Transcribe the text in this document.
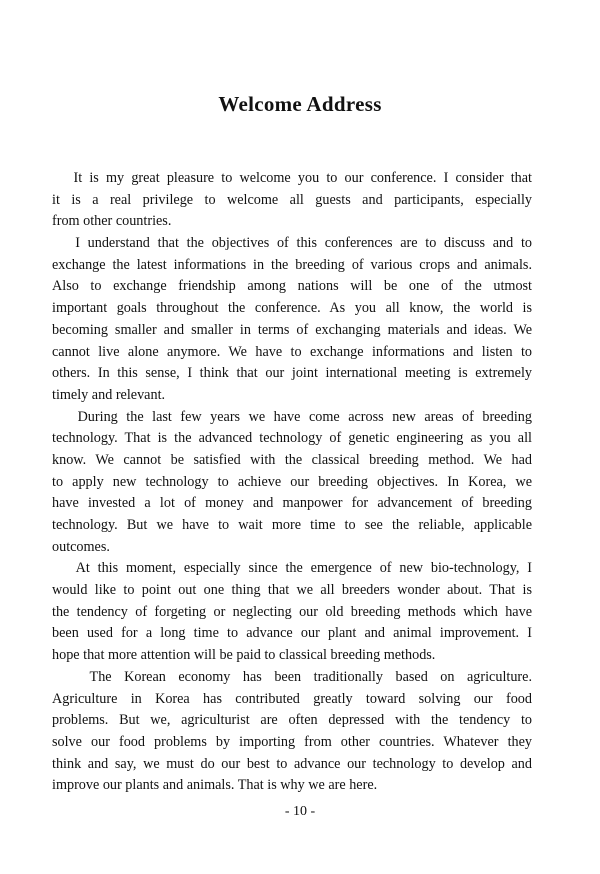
Welcome Address
It is my great pleasure to welcome you to our conference. I consider that
it is a real privilege to welcome all guests and participants, especially
from other countries.
I understand that the objectives of this conferences are to discuss and to
exchange the latest informations in the breeding of various crops and animals.
Also to exchange friendship among nations will be one of the utmost
important goals throughout the conference. As you all know, the world is
becoming smaller and smaller in terms of exchanging materials and ideas. We
cannot live alone anymore. We have to exchange informations and listen to
others. In this sense, I think that our joint international meeting is extremely
timely and relevant.
During the last few years we have come across new areas of breeding
technology. That is the advanced technology of genetic engineering as you all
know. We cannot be satisfied with the classical breeding method. We had
to apply new technology to achieve our breeding objectives. In Korea, we
have invested a lot of money and manpower for advancement of breeding
technology. But we have to wait more time to see the reliable, applicable
outcomes.
At this moment, especially since the emergence of new bio-technology, I
would like to point out one thing that we all breeders wonder about. That is
the tendency of forgeting or neglecting our old breeding methods which have
been used for a long time to advance our plant and animal improvement. I
hope that more attention will be paid to classical breeding methods.
The Korean economy has been traditionally based on agriculture.
Agriculture in Korea has contributed greatly toward solving our food
problems. But we, agriculturist are often depressed with the tendency to
solve our food problems by importing from other countries. Whatever they
think and say, we must do our best to advance our technology to develop and
improve our plants and animals. That is why we are here.
- 10 -
